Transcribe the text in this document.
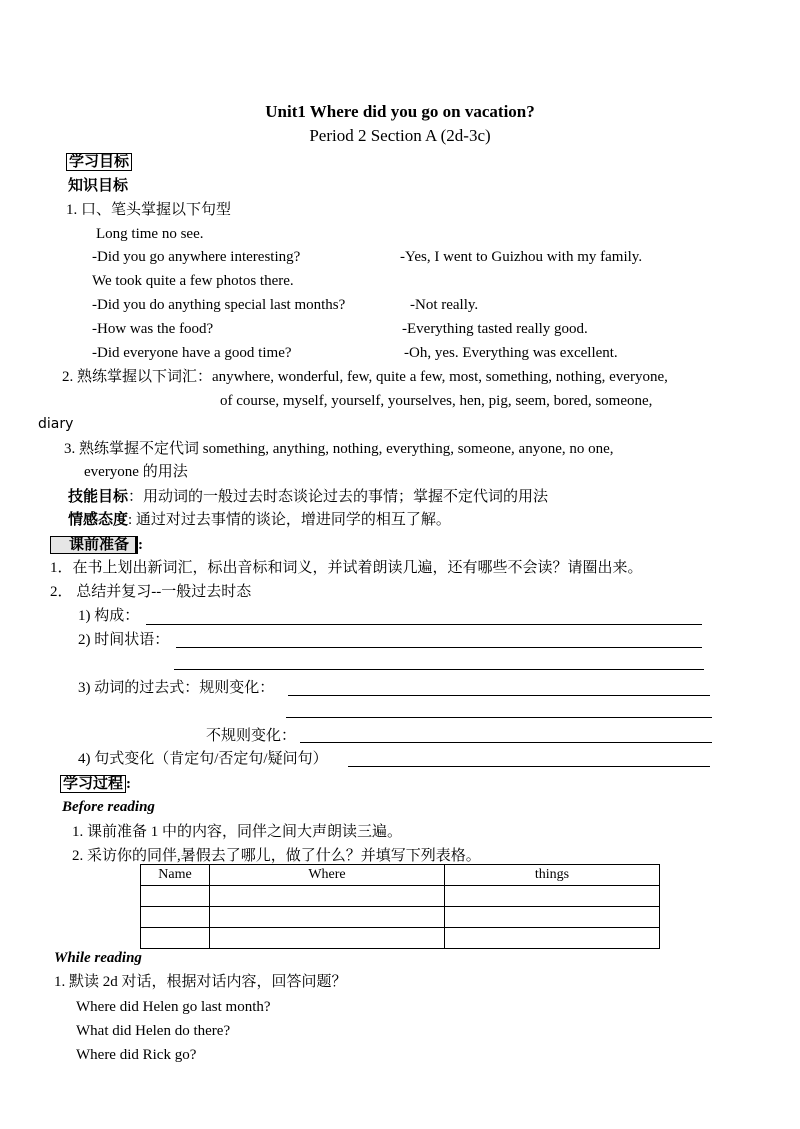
Unit1 Where did you go on vacation?
Period 2 Section A (2d-3c)
学习目标
知识目标
1. 口、笔头掌握以下句型
Long time no see.
-Did you go anywhere interesting?	-Yes, I went to Guizhou with my family.
We took quite a few photos there.
-Did you do anything special last months?	-Not really.
-How was the food?	-Everything tasted really good.
-Did everyone have a good time?	-Oh, yes. Everything was excellent.
2. 熟练掌握以下词汇：anywhere, wonderful, few, quite a few, most, something, nothing, everyone,
of course, myself, yourself, yourselves, hen, pig, seem, bored, someone,
diary
3. 熟练掌握不定代词 something, anything, nothing, everything, someone, anyone, no one,
everyone 的用法
技能目标：用动词的一般过去时态谈论过去的事情；掌握不定代词的用法
情感态度: 通过对过去事情的谈论，增进同学的相互了解。
课前准备 :
1．在书上划出新词汇，标出音标和词义，并试着朗读几遍，还有哪些不会读？请圈出来。
2． 总结并复习--一般过去时态
1) 构成：
2) 时间状语：
3) 动词的过去式：规则变化：
不规则变化：
4) 句式变化（肯定句/否定句/疑问句）
学习过程 :
Before reading
1. 课前准备 1 中的内容，同伴之间大声朗读三遍。
2. 采访你的同伴,暑假去了哪儿，做了什么？并填写下列表格。
Name	Where	things

While reading
1. 默读 2d 对话，根据对话内容，回答问题？
Where did Helen go last month?
What did Helen do there?
Where did Rick go?
